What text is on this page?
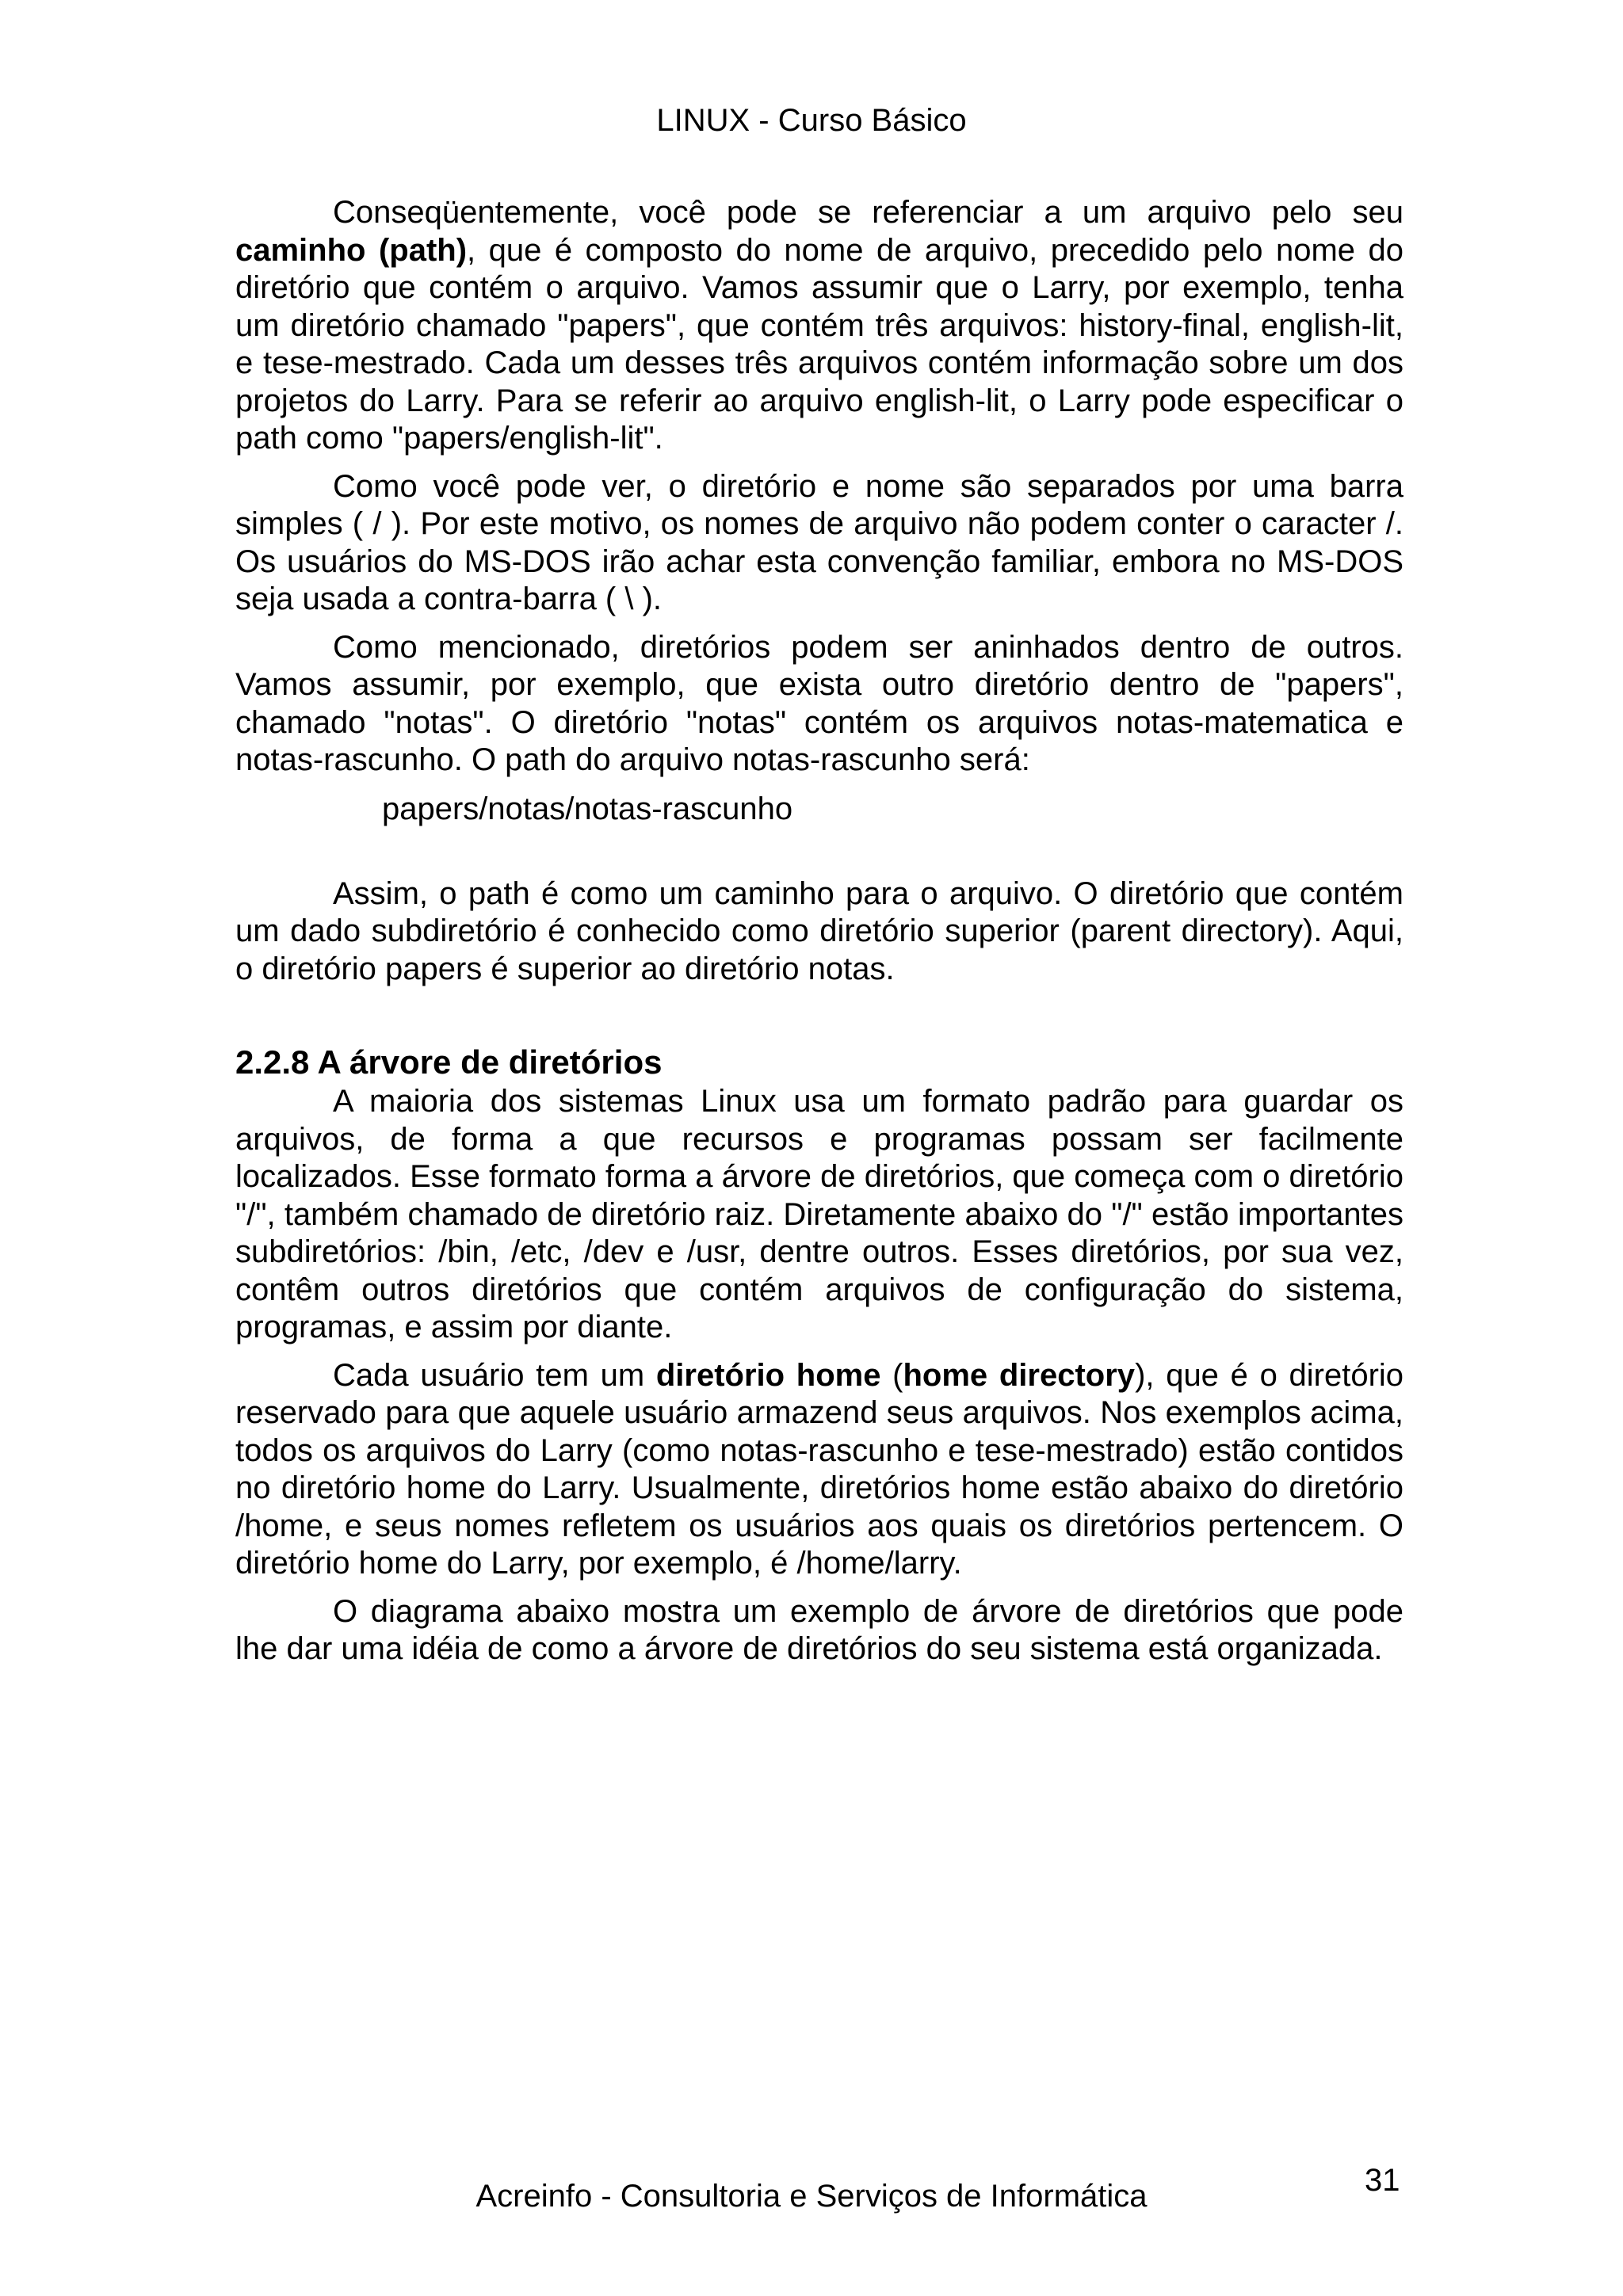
LINUX - Curso Básico

Conseqüentemente, você pode se referenciar a um arquivo pelo seu caminho (path), que é composto do nome de arquivo, precedido pelo nome do diretório que contém o arquivo. Vamos assumir que o Larry, por exemplo, tenha um diretório chamado "papers", que contém três arquivos: history-final, english-lit, e tese-mestrado. Cada um desses três arquivos contém informação sobre um dos projetos do Larry. Para se referir ao arquivo english-lit, o Larry pode especificar o path como "papers/english-lit".

Como você pode ver, o diretório e nome são separados por uma barra simples ( / ). Por este motivo, os nomes de arquivo não podem conter o caracter /. Os usuários do MS-DOS irão achar esta convenção familiar, embora no MS-DOS seja usada a contra-barra ( \ ).

Como mencionado, diretórios podem ser aninhados dentro de outros. Vamos assumir, por exemplo, que exista outro diretório dentro de "papers", chamado "notas". O diretório "notas" contém os arquivos notas-matematica e notas-rascunho. O path do arquivo notas-rascunho será:

papers/notas/notas-rascunho

Assim, o path é como um caminho para o arquivo. O diretório que contém um dado subdiretório é conhecido como diretório superior (parent directory). Aqui, o diretório papers é superior ao diretório notas.

2.2.8 A árvore de diretórios

A maioria dos sistemas Linux usa um formato padrão para guardar os arquivos, de forma a que recursos e programas possam ser facilmente localizados. Esse formato forma a árvore de diretórios, que começa com o diretório "/", também chamado de diretório raiz. Diretamente abaixo do "/" estão importantes subdiretórios: /bin, /etc, /dev e /usr, dentre outros. Esses diretórios, por sua vez, contêm outros diretórios que contém arquivos de configuração do sistema, programas, e assim por diante.

Cada usuário tem um diretório home (home directory), que é o diretório reservado para que aquele usuário armazend seus arquivos. Nos exemplos acima, todos os arquivos do Larry (como notas-rascunho e tese-mestrado) estão contidos no diretório home do Larry. Usualmente, diretórios home estão abaixo do diretório /home, e seus nomes refletem os usuários aos quais os diretórios pertencem. O diretório home do Larry, por exemplo, é /home/larry.

O diagrama abaixo mostra um exemplo de árvore de diretórios que pode lhe dar uma idéia de como a árvore de diretórios do seu sistema está organizada.

Acreinfo - Consultoria e Serviços de Informática	31
